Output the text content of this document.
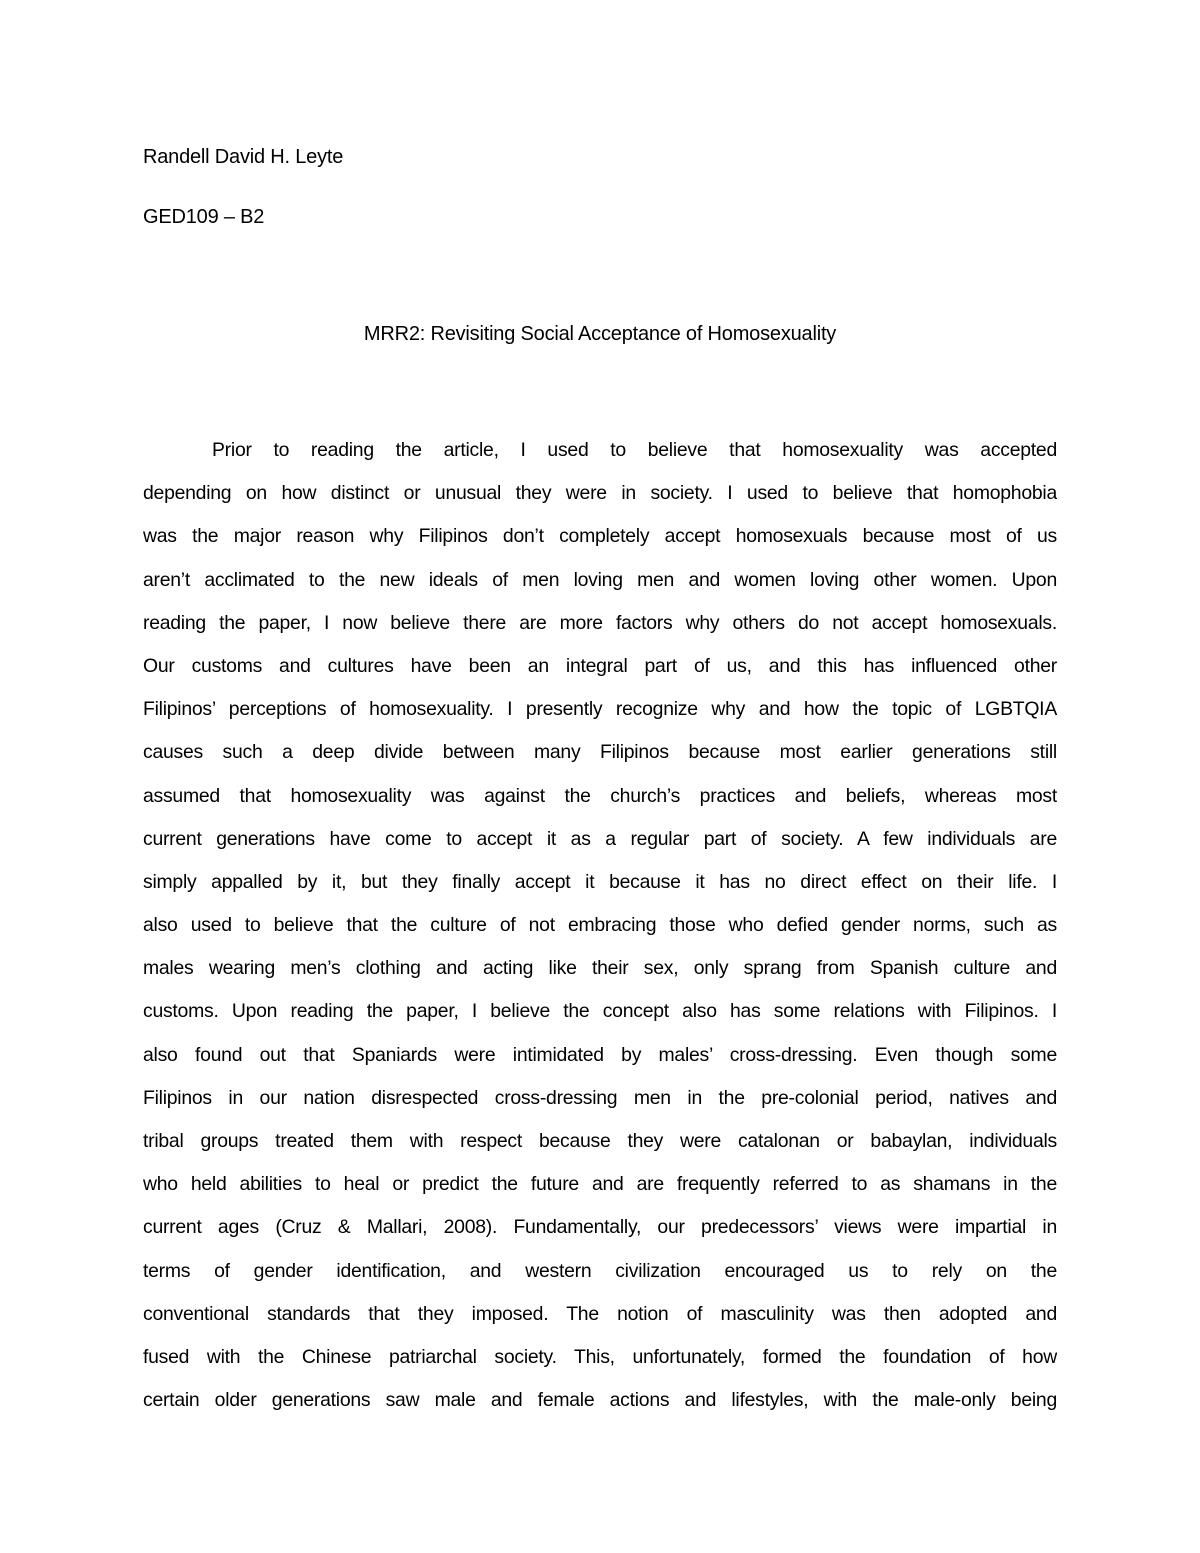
Randell David H. Leyte
GED109 – B2
MRR2: Revisiting Social Acceptance of Homosexuality
Prior to reading the article, I used to believe that homosexuality was accepted
depending on how distinct or unusual they were in society. I used to believe that homophobia
was the major reason why Filipinos don’t completely accept homosexuals because most of us
aren’t acclimated to the new ideals of men loving men and women loving other women. Upon
reading the paper, I now believe there are more factors why others do not accept homosexuals.
Our customs and cultures have been an integral part of us, and this has influenced other
Filipinos’ perceptions of homosexuality. I presently recognize why and how the topic of LGBTQIA
causes such a deep divide between many Filipinos because most earlier generations still
assumed that homosexuality was against the church’s practices and beliefs, whereas most
current generations have come to accept it as a regular part of society. A few individuals are
simply appalled by it, but they finally accept it because it has no direct effect on their life. I
also used to believe that the culture of not embracing those who defied gender norms, such as
males wearing men’s clothing and acting like their sex, only sprang from Spanish culture and
customs. Upon reading the paper, I believe the concept also has some relations with Filipinos. I
also found out that Spaniards were intimidated by males’ cross-dressing. Even though some
Filipinos in our nation disrespected cross-dressing men in the pre-colonial period, natives and
tribal groups treated them with respect because they were catalonan or babaylan, individuals
who held abilities to heal or predict the future and are frequently referred to as shamans in the
current ages (Cruz & Mallari, 2008). Fundamentally, our predecessors’ views were impartial in
terms of gender identification, and western civilization encouraged us to rely on the
conventional standards that they imposed. The notion of masculinity was then adopted and
fused with the Chinese patriarchal society. This, unfortunately, formed the foundation of how
certain older generations saw male and female actions and lifestyles, with the male-only being
